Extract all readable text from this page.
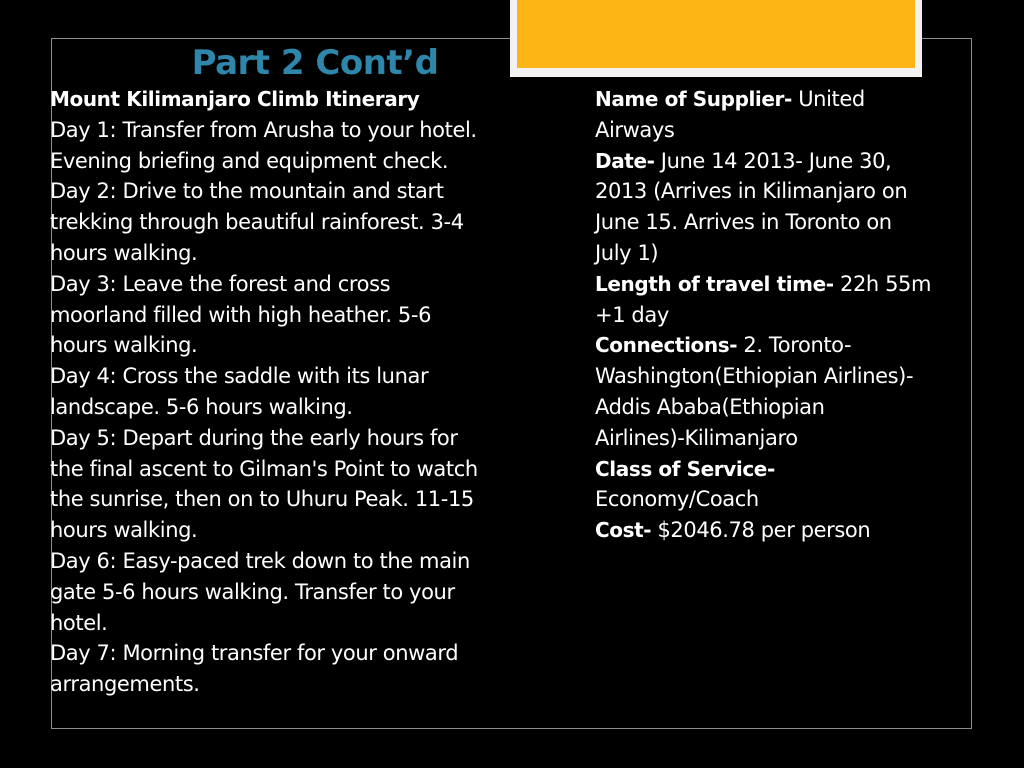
Part 2 Cont’d
Mount Kilimanjaro Climb Itinerary
Day 1: Transfer from Arusha to your hotel.
Evening briefing and equipment check.
Day 2: Drive to the mountain and start
trekking through beautiful rainforest. 3-4
hours walking.
Day 3: Leave the forest and cross
moorland filled with high heather. 5-6
hours walking.
Day 4: Cross the saddle with its lunar
landscape. 5-6 hours walking.
Day 5: Depart during the early hours for
the final ascent to Gilman's Point to watch
the sunrise, then on to Uhuru Peak. 11-15
hours walking.
Day 6: Easy-paced trek down to the main
gate 5-6 hours walking. Transfer to your
hotel.
Day 7: Morning transfer for your onward
arrangements.
Name of Supplier- United
Airways
Date- June 14 2013- June 30,
2013 (Arrives in Kilimanjaro on
June 15. Arrives in Toronto on
July 1)
Length of travel time- 22h 55m
+1 day
Connections- 2. Toronto-
Washington(Ethiopian Airlines)-
Addis Ababa(Ethiopian
Airlines)-Kilimanjaro
Class of Service-
Economy/Coach
Cost- $2046.78 per person
